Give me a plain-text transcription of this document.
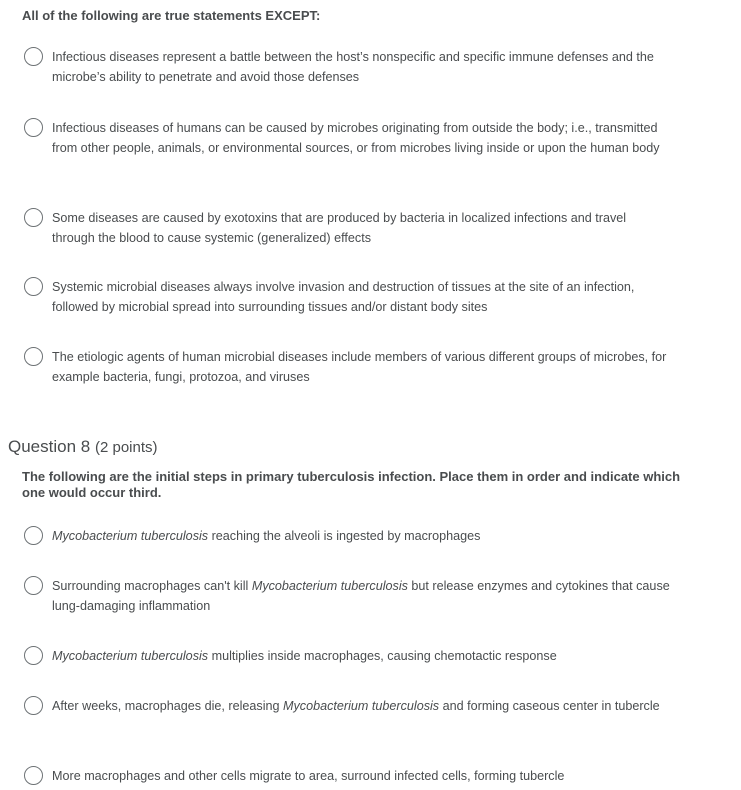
All of the following are true statements EXCEPT:
Infectious diseases represent a battle between the host’s nonspecific and specific immune defenses and the microbe’s ability to penetrate and avoid those defenses
Infectious diseases of humans can be caused by microbes originating from outside the body; i.e., transmitted from other people, animals, or environmental sources, or from microbes living inside or upon the human body
Some diseases are caused by exotoxins that are produced by bacteria in localized infections and travel through the blood to cause systemic (generalized) effects
Systemic microbial diseases always involve invasion and destruction of tissues at the site of an infection, followed by microbial spread into surrounding tissues and/or distant body sites
The etiologic agents of human microbial diseases include members of various different groups of microbes, for example bacteria, fungi, protozoa, and viruses
Question 8 (2 points)
The following are the initial steps in primary tuberculosis infection. Place them in order and indicate which one would occur third.
Mycobacterium tuberculosis reaching the alveoli is ingested by macrophages
Surrounding macrophages can't kill Mycobacterium tuberculosis but release enzymes and cytokines that cause lung-damaging inflammation
Mycobacterium tuberculosis multiplies inside macrophages, causing chemotactic response
After weeks, macrophages die, releasing Mycobacterium tuberculosis and forming caseous center in tubercle
More macrophages and other cells migrate to area, surround infected cells, forming tubercle
